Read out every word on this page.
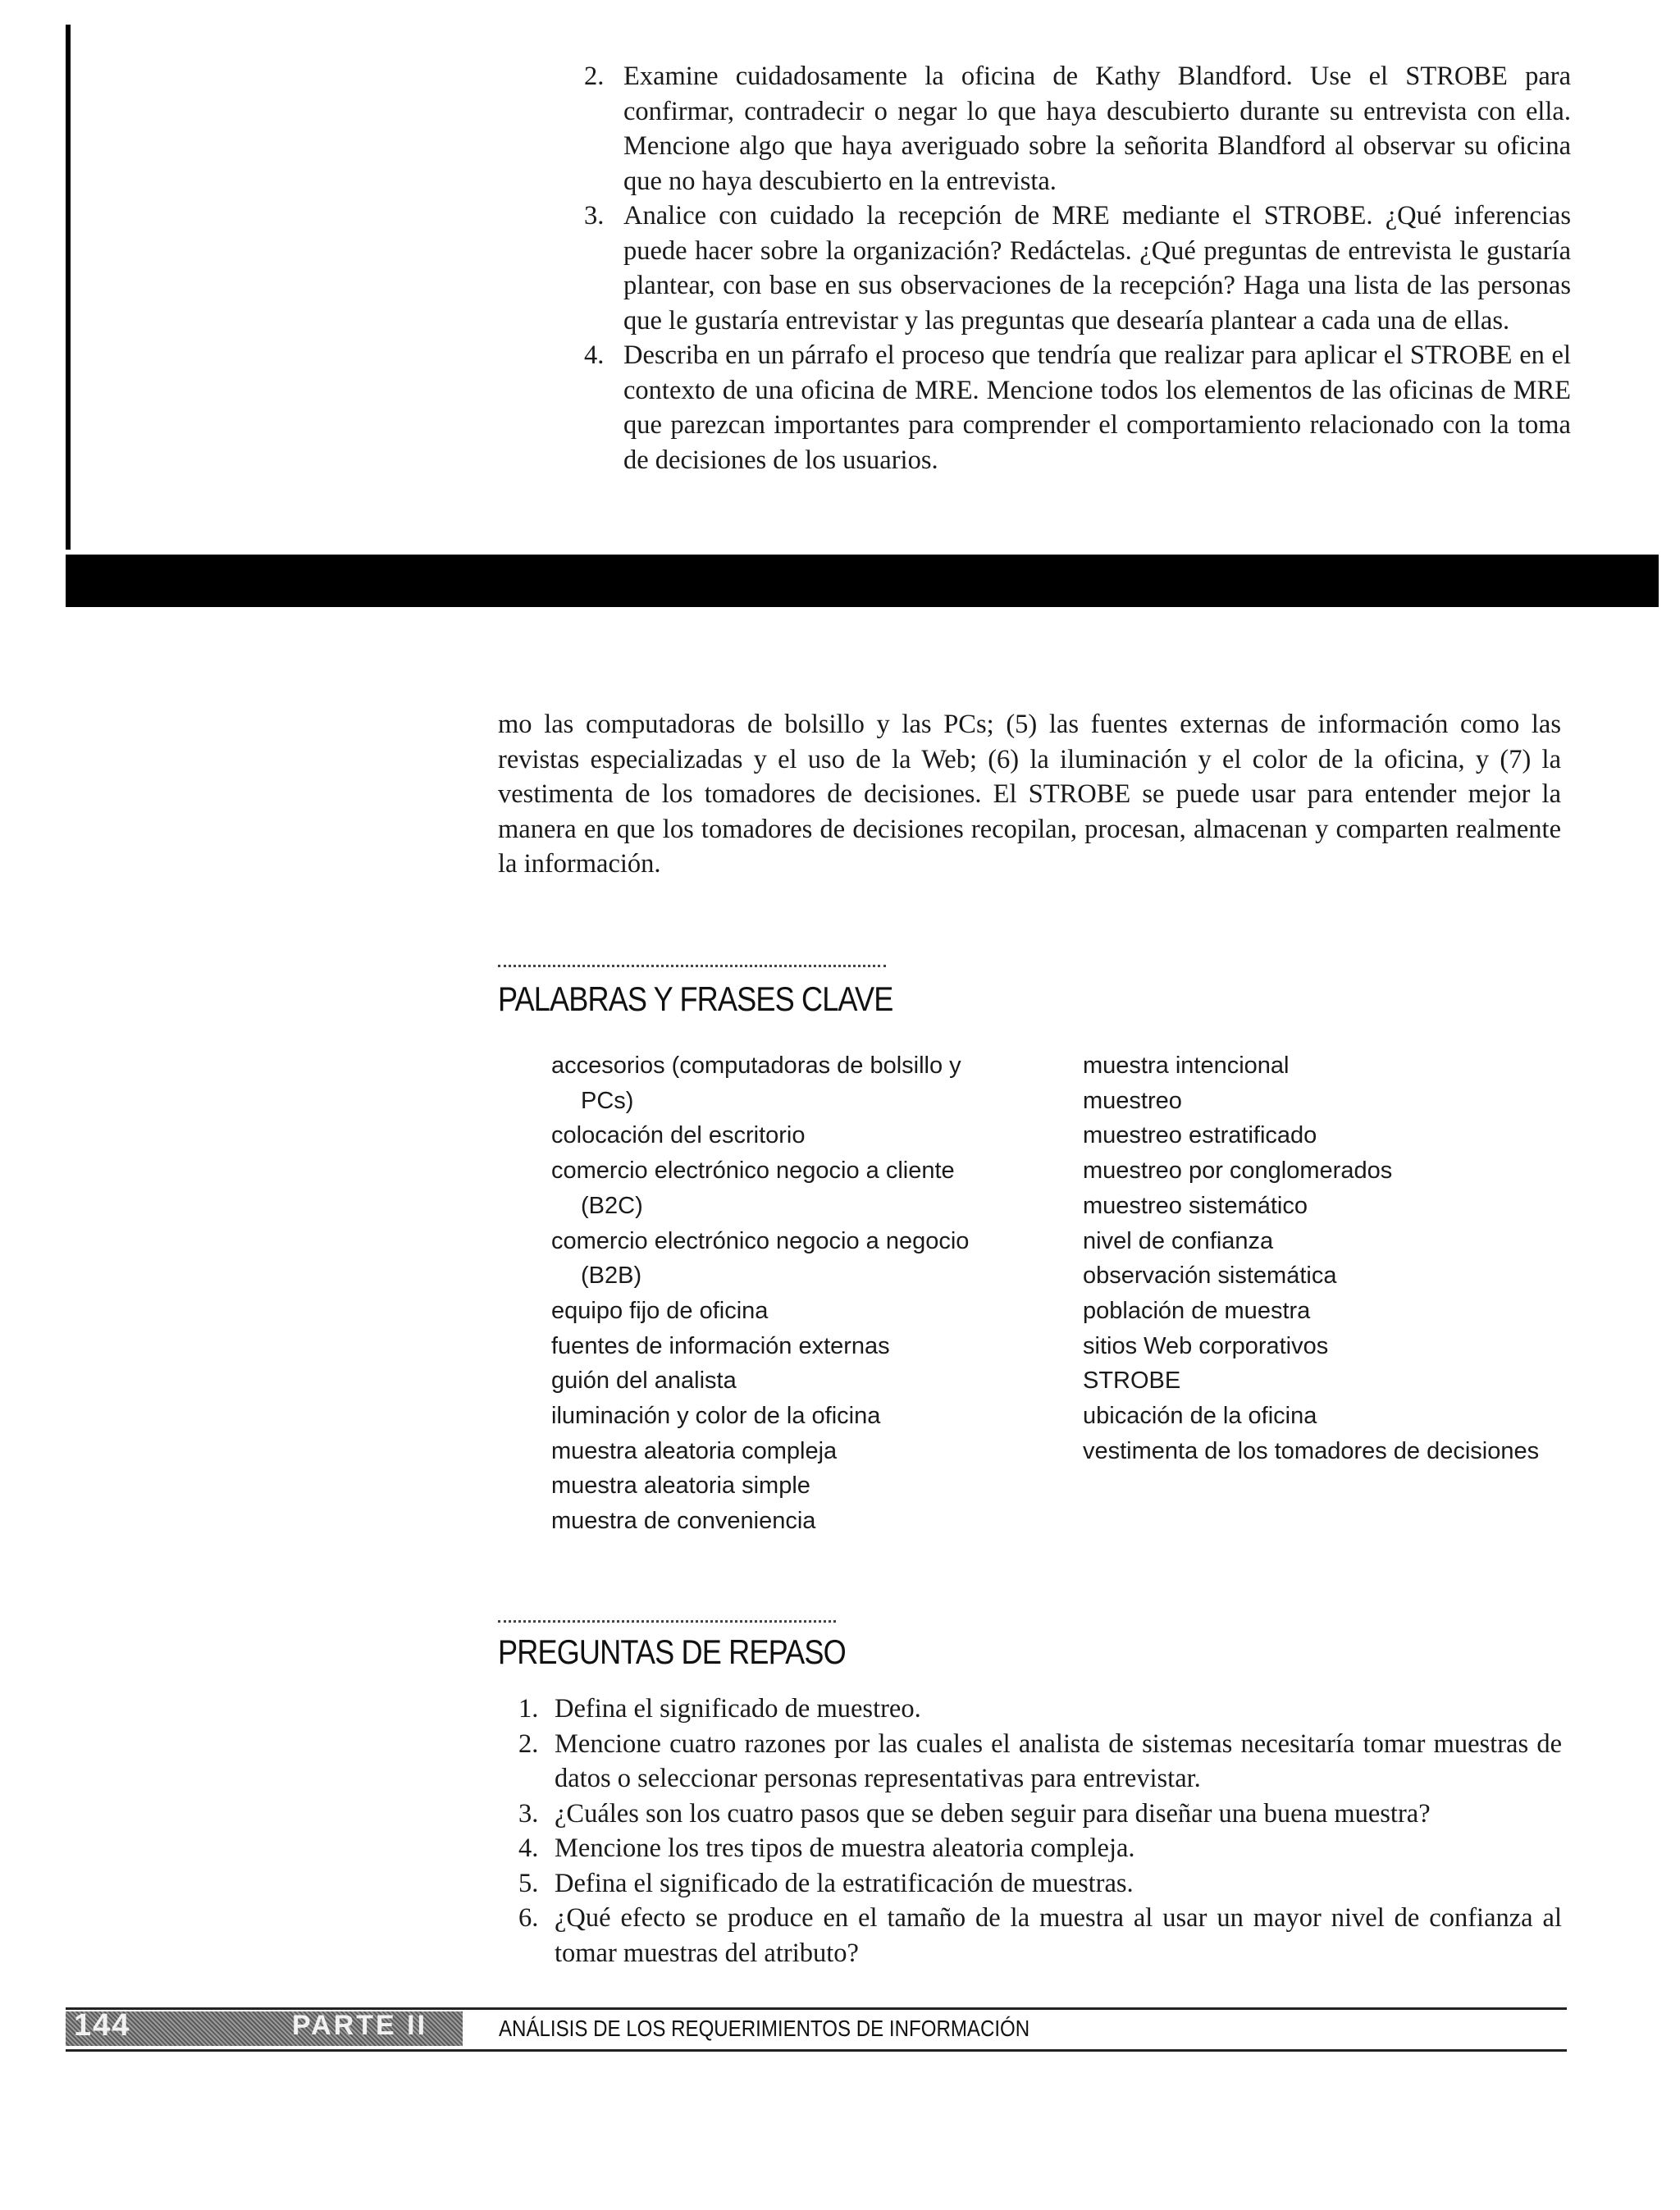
2. Examine cuidadosamente la oficina de Kathy Blandford. Use el STROBE para confirmar, contradecir o negar lo que haya descubierto durante su entrevista con ella. Mencione algo que haya averiguado sobre la señorita Blandford al observar su oficina que no haya descubierto en la entrevista.
3. Analice con cuidado la recepción de MRE mediante el STROBE. ¿Qué inferencias puede hacer sobre la organización? Redáctelas. ¿Qué preguntas de entrevista le gustaría plantear, con base en sus observaciones de la recepción? Haga una lista de las personas que le gustaría entrevistar y las preguntas que desearía plantear a cada una de ellas.
4. Describa en un párrafo el proceso que tendría que realizar para aplicar el STROBE en el contexto de una oficina de MRE. Mencione todos los elementos de las oficinas de MRE que parezcan importantes para comprender el comportamiento relacionado con la toma de decisiones de los usuarios.

mo las computadoras de bolsillo y las PCs; (5) las fuentes externas de información como las revistas especializadas y el uso de la Web; (6) la iluminación y el color de la oficina, y (7) la vestimenta de los tomadores de decisiones. El STROBE se puede usar para entender mejor la manera en que los tomadores de decisiones recopilan, procesan, almacenan y comparten realmente la información.

PALABRAS Y FRASES CLAVE
accesorios (computadoras de bolsillo y PCs)
colocación del escritorio
comercio electrónico negocio a cliente (B2C)
comercio electrónico negocio a negocio (B2B)
equipo fijo de oficina
fuentes de información externas
guión del analista
iluminación y color de la oficina
muestra aleatoria compleja
muestra aleatoria simple
muestra de conveniencia
muestra intencional
muestreo
muestreo estratificado
muestreo por conglomerados
muestreo sistemático
nivel de confianza
observación sistemática
población de muestra
sitios Web corporativos
STROBE
ubicación de la oficina
vestimenta de los tomadores de decisiones
PREGUNTAS DE REPASO
1. Defina el significado de muestreo.
2. Mencione cuatro razones por las cuales el analista de sistemas necesitaría tomar muestras de datos o seleccionar personas representativas para entrevistar.
3. ¿Cuáles son los cuatro pasos que se deben seguir para diseñar una buena muestra?
4. Mencione los tres tipos de muestra aleatoria compleja.
5. Defina el significado de la estratificación de muestras.
6. ¿Qué efecto se produce en el tamaño de la muestra al usar un mayor nivel de confianza al tomar muestras del atributo?
144	PARTE II	ANÁLISIS DE LOS REQUERIMIENTOS DE INFORMACIÓN
